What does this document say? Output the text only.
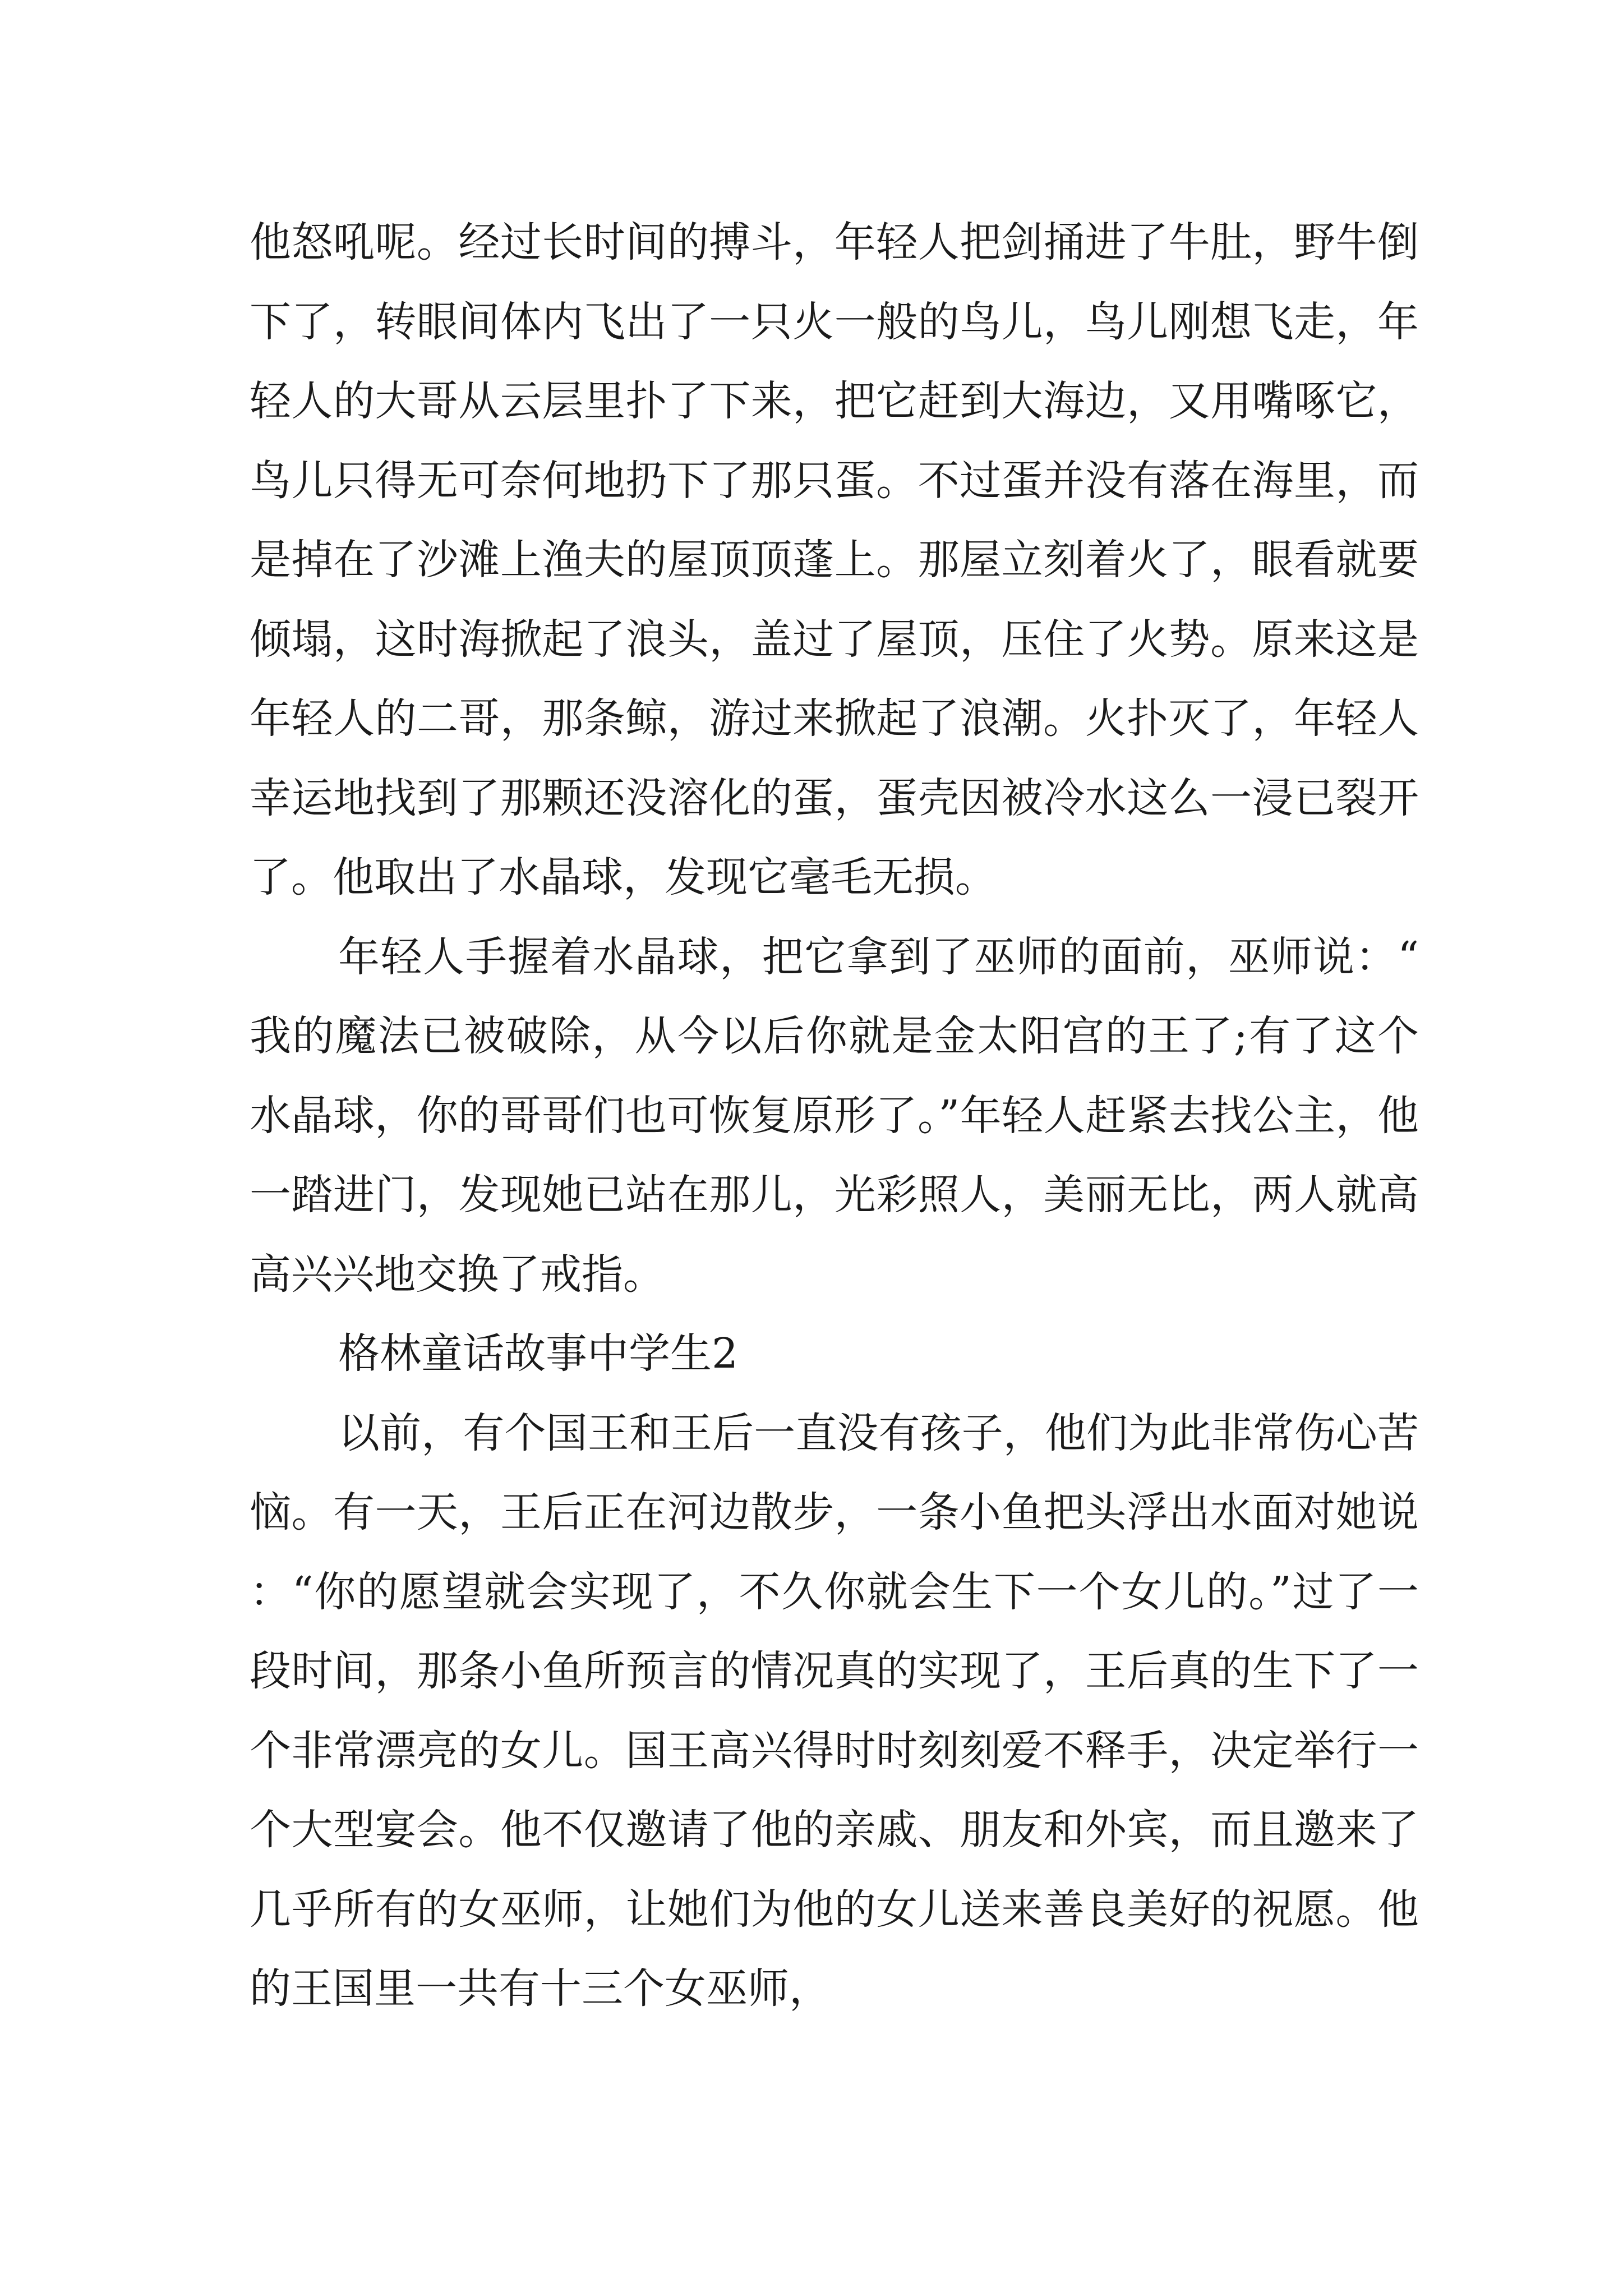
他怒吼呢。经过长时间的搏斗，年轻人把剑捅进了牛肚，野牛倒下了，转眼间体内飞出了一只火一般的鸟儿，鸟儿刚想飞走，年轻人的大哥从云层里扑了下来，把它赶到大海边，又用嘴啄它，鸟儿只得无可奈何地扔下了那只蛋。不过蛋并没有落在海里，而是掉在了沙滩上渔夫的屋顶顶蓬上。那屋立刻着火了，眼看就要倾塌，这时海掀起了浪头，盖过了屋顶，压住了火势。原来这是年轻人的二哥，那条鲸，游过来掀起了浪潮。火扑灭了，年轻人幸运地找到了那颗还没溶化的蛋，蛋壳因被冷水这么一浸已裂开了。他取出了水晶球，发现它毫毛无损。

年轻人手握着水晶球，把它拿到了巫师的面前，巫师说：“我的魔法已被破除，从今以后你就是金太阳宫的王了;有了这个水晶球，你的哥哥们也可恢复原形了。”年轻人赶紧去找公主，他一踏进门，发现她已站在那儿，光彩照人，美丽无比，两人就高高兴兴地交换了戒指。

格林童话故事中学生2

以前，有个国王和王后一直没有孩子，他们为此非常伤心苦恼。有一天，王后正在河边散步，一条小鱼把头浮出水面对她说：“你的愿望就会实现了，不久你就会生下一个女儿的。”过了一段时间，那条小鱼所预言的情况真的实现了，王后真的生下了一个非常漂亮的女儿。国王高兴得时时刻刻爱不释手，决定举行一个大型宴会。他不仅邀请了他的亲戚、朋友和外宾，而且邀来了几乎所有的女巫师，让她们为他的女儿送来善良美好的祝愿。他的王国里一共有十三个女巫师，
